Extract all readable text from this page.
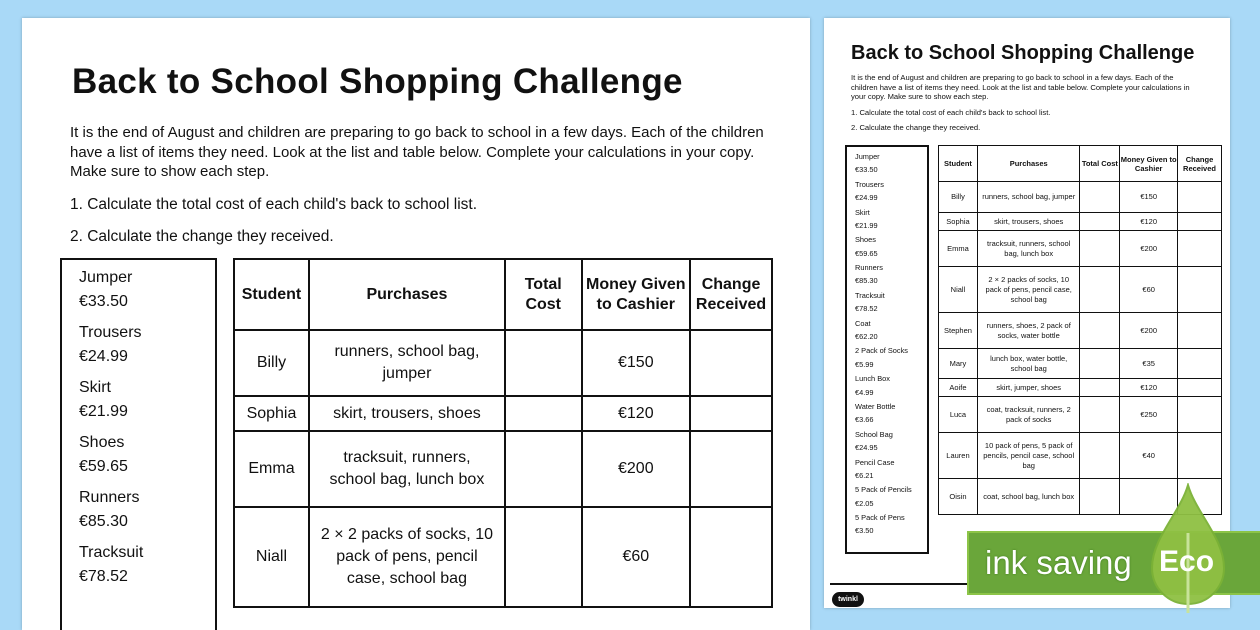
Back to School Shopping Challenge

It is the end of August and children are preparing to go back to school in a few days. Each of the children have a list of items they need. Look at the list and table below. Complete your calculations in your copy. Make sure to show each step.

1. Calculate the total cost of each child's back to school list.

2. Calculate the change they received.

Jumper
€33.50
Trousers
€24.99
Skirt
€21.99
Shoes
€59.65
Runners
€85.30
Tracksuit
€78.52
Student	Purchases	Total Cost	Money Given to Cashier	Change Received
Billy	runners, school bag, jumper		€150	
Sophia	skirt, trousers, shoes		€120	
Emma	tracksuit, runners, school bag, lunch box		€200	
Niall	2 × 2 packs of socks, 10 pack of pens, pencil case, school bag		€60	
Back to School Shopping Challenge

It is the end of August and children are preparing to go back to school in a few days. Each of the children have a list of items they need. Look at the list and table below. Complete your calculations in your copy. Make sure to show each step.

1. Calculate the total cost of each child's back to school list.

2. Calculate the change they received.

Jumper
€33.50
Trousers
€24.99
Skirt
€21.99
Shoes
€59.65
Runners
€85.30
Tracksuit
€78.52
Coat
€62.20
2 Pack of Socks
€5.99
Lunch Box
€4.99
Water Bottle
€3.66
School Bag
€24.95
Pencil Case
€6.21
5 Pack of Pencils
€2.05
5 Pack of Pens
€3.50
Student	Purchases	Total Cost	Money Given to Cashier	Change Received
Billy	runners, school bag, jumper		€150	
Sophia	skirt, trousers, shoes		€120	
Emma	tracksuit, runners, school bag, lunch box		€200	
Niall	2 × 2 packs of socks, 10 pack of pens, pencil case, school bag		€60	
Stephen	runners, shoes, 2 pack of socks, water bottle		€200	
Mary	lunch box, water bottle, school bag		€35	
Aoife	skirt, jumper, shoes		€120	
Luca	coat, tracksuit, runners, 2 pack of socks		€250	
Lauren	10 pack of pens, 5 pack of pencils, pencil case, school bag		€40	
Oisin	coat, school bag, lunch box			
twinkl
ink saving Eco
